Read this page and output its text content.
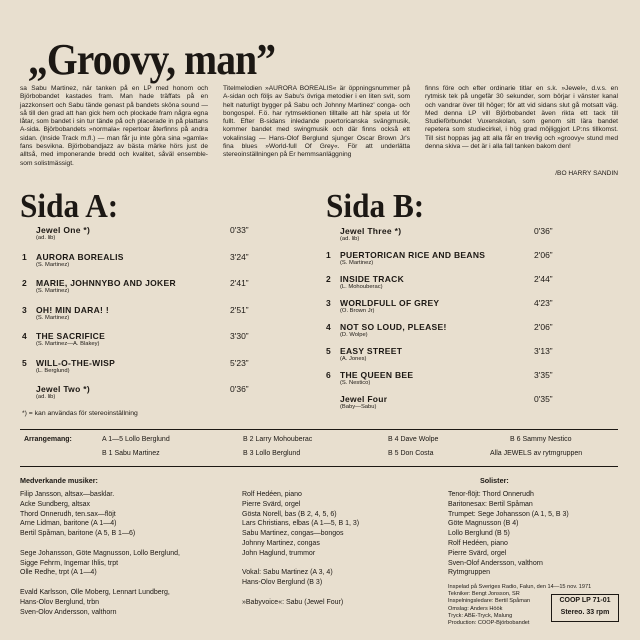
„Groovy, man”

sa Sabu Martinez, när tanken på en LP med honom och Björbobandet kastades fram. Man hade träffats på en jazzkonsert och Sabu tände genast på bandets sköna sound — så till den grad att han gick hem och plockade fram några egna låtar, som bandet i sin tur tände på och placerade in på plattans A-sida. Björbobandets »normala« repertoar återfinns på andra sidan. (Inside Track m.fl.) — man får ju inte göra sina »gamla« fans besvikna. Björbobandjazz av bästa märke hörs just de alltså, med imponerande bredd och kvalitet, såväl ensemble- som solistmässigt.

Titelmelodien »AURORA BOREALIS« är öppningsnummer på A-sidan och följs av Sabu's övriga metodier i en liten svit, som helt naturligt bygger på Sabu och Johnny Martinez' conga- och bongospel. F.ö. har rytmsektionen tilltalle att här spela ut för fullt. Efter B-sidans inledande puertoricanska svängmusik, kommer bandet med swingmusik och där finns också ett vokalinslag — Hans-Olof Berglund sjunger Oscar Brown Jr's fina blues »World-full Of Grey«. För att underlätta stereoinställningen på Er hemmsanläggning

finns före och efter ordinarie titlar en s.k. »Jewel«, d.v.s. en rytmisk tek på ungefär 30 sekunder, som börjar i vänster kanal och vandrar över till höger; för att vid sidans slut gå motsatt väg. Med denna LP vill Björbobandet även rikta ett tack till Studieförbundet Vuxenskolan, som genom sitt lära bandet repetera som studiecirkel, i hög grad möjliggjort LP:ns tillkomst. Till sist hoppas jag att alla får en trevlig och »groovy« stund med denna skiva — det är i alla fall tanken bakom den!

/BO HARRY SANDIN
Sida A:	Sida B:
Jewel One *)
(ad. lib)
0'33”
1 AURORA BOREALIS
(S. Martinez)
3'24”
2 MARIE, JOHNNYBO AND JOKER
(S. Martinez)
2'41”
3 OH! MIN DARA! !
(S. Martinez)
2'51”
4 THE SACRIFICE
(S. Martinez—A. Blakey)
3'30”
5 WILL-O-THE-WISP
(L. Berglund)
5'23”
Jewel Two *)
(ad. lib)
0'36”
*) = kan användas för stereoinställning
Jewel Three *)
(ad. lib)
0'36”
1 PUERTORICAN RICE AND BEANS
(S. Martinez)
2'06”
2 INSIDE TRACK
(L. Mohouberac)
2'44”
3 WORLDFULL OF GREY
(O. Brown Jr)
4'23”
4 NOT SO LOUD, PLEASE!
(D. Wolpe)
2'06”
5 EASY STREET
(A. Jones)
3'13”
6 THE QUEEN BEE
(S. Nestico)
3'35”
Jewel Four
(Baby—Sabu)
0'35”
Arrangemang:	A 1—5 Lollo Berglund
B 1 Sabu Martinez
B 2 Larry Mohouberac
B 3 Lollo Berglund
B 4 Dave Wolpe
B 5 Don Costa
B 6 Sammy Nestico
Alla JEWELS av rytmgruppen
Medverkande musiker:
Filip Jansson, altsax—basklar.
Acke Sundberg, altsax
Thord Onnerudh, ten.sax—flöjt
Arne Lidman, baritone (A 1—4)
Bertil Spåman, baritone (A 5, B 1—6)

Sege Johansson, Göte Magnusson, Lollo Berglund,
Sigge Fehrm, Ingemar Ihlis, trpt
Olle Redhe, trpt (A 1—4)

Evald Karlsson, Olle Moberg, Lennart Lundberg,
Hans-Olov Berglund, trbn
Sven-Olov Andersson, valthorn
Rolf Hedéen, piano
Pierre Svärd, orgel
Gösta Norell, bas (B 2, 4, 5, 6)
Lars Christians, elbas (A 1—5, B 1, 3)
Sabu Martinez, congas—bongos
Johnny Martinez, congas
John Haglund, trummor

Vokal: Sabu Martinez (A 3, 4)
Hans-Olov Berglund (B 3)

»Babyvoice«: Sabu (Jewel Four)
Solister:
Tenor-flöjt: Thord Onnerudh
Baritonesax: Bertil Spåman
Trumpet: Sege Johansson (A 1, 5, B 3)
Göte Magnusson (B 4)
Lollo Berglund (B 5)
Rolf Hedéen, piano
Pierre Svärd, orgel
Sven-Olof Andersson, valthorn
Rytmgruppen
Inspelad på Sveriges Radio, Falun, den 14—15 nov. 1971
Tekniker: Bengt Jonsson, SR
Inspelningsledare: Bertil Spåman
Omslag: Anders Höök
Tryck: ABE-Tryck, Malung
Production: COOP-Björbobandet
COOP LP 71-01
Stereo. 33 rpm
